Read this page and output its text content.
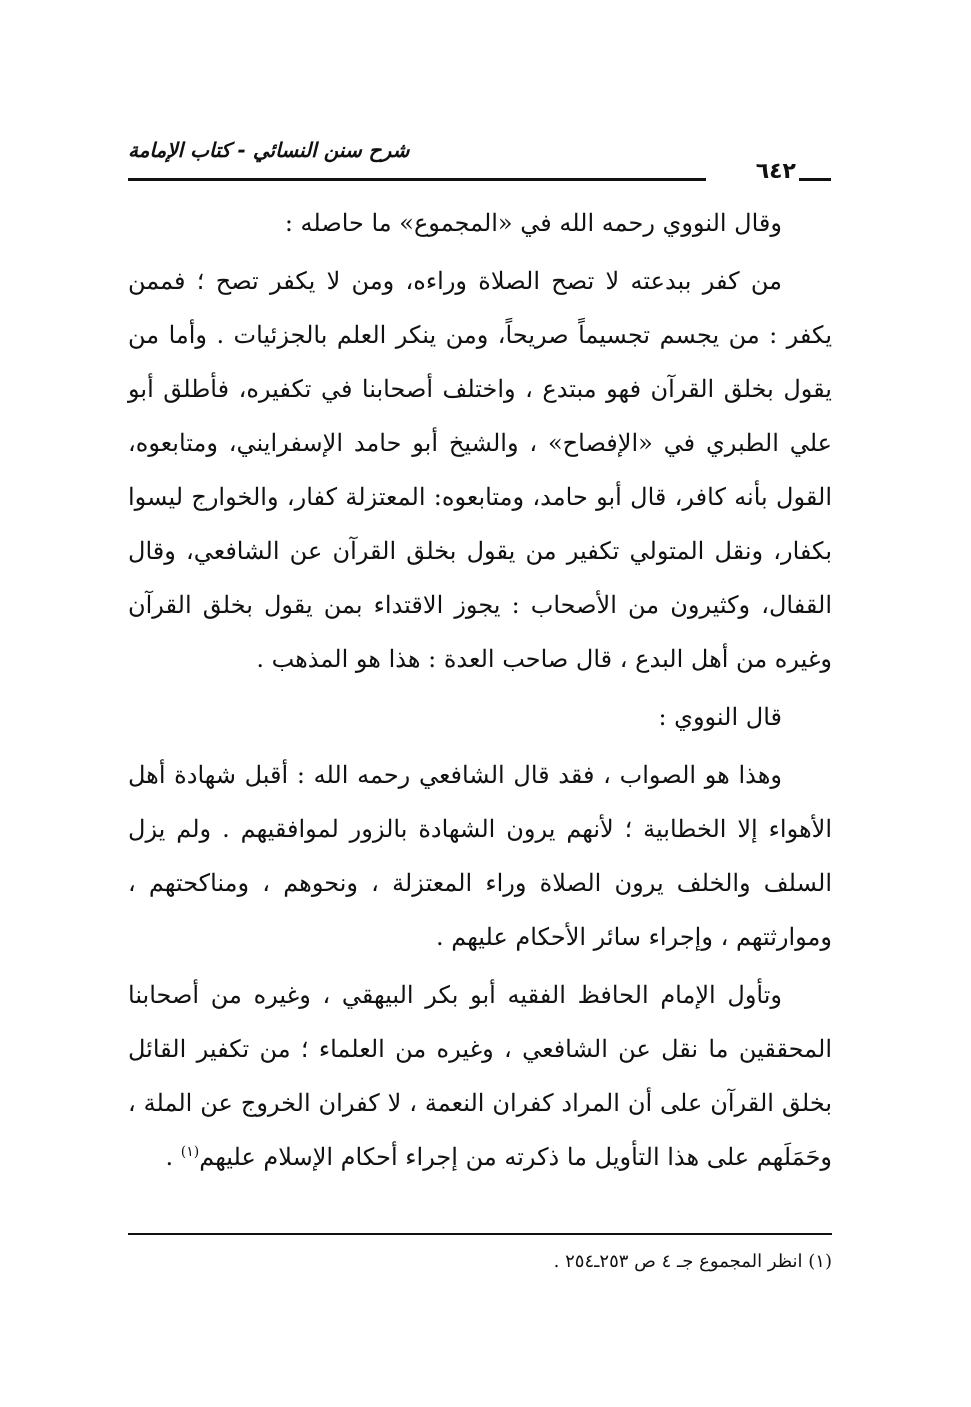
شرح سنن النسائي - كتاب الإمامة
٦٤٢

وقال النووي رحمه الله في «المجموع» ما حاصله :

من كفر ببدعته لا تصح الصلاة وراءه، ومن لا يكفر تصح ؛ فممن يكفر : من يجسم تجسيماً صريحاً، ومن ينكر العلم بالجزئيات . وأما من يقول بخلق القرآن فهو مبتدع ، واختلف أصحابنا في تكفيره، فأطلق أبو علي الطبري في «الإفصاح» ، والشيخ أبو حامد الإسفرايني، ومتابعوه، القول بأنه كافر، قال أبو حامد، ومتابعوه: المعتزلة كفار، والخوارج ليسوا بكفار، ونقل المتولي تكفير من يقول بخلق القرآن عن الشافعي، وقال القفال، وكثيرون من الأصحاب : يجوز الاقتداء بمن يقول بخلق القرآن وغيره من أهل البدع ، قال صاحب العدة : هذا هو المذهب .

قال النووي :

وهذا هو الصواب ، فقد قال الشافعي رحمه الله : أقبل شهادة أهل الأهواء إلا الخطابية ؛ لأنهم يرون الشهادة بالزور لموافقيهم . ولم يزل السلف والخلف يرون الصلاة وراء المعتزلة ، ونحوهم ، ومناكحتهم ، وموارثتهم ، وإجراء سائر الأحكام عليهم .

وتأول الإمام الحافظ الفقيه أبو بكر البيهقي ، وغيره من أصحابنا المحققين ما نقل عن الشافعي ، وغيره من العلماء ؛ من تكفير القائل بخلق القرآن على أن المراد كفران النعمة ، لا كفران الخروج عن الملة ، وحَمَلَهم على هذا التأويل ما ذكرته من إجراء أحكام الإسلام عليهم$^{(١)}$ .

(١) انظر المجموع جـ ٤ ص ٢٥٣ـ٢٥٤ .
